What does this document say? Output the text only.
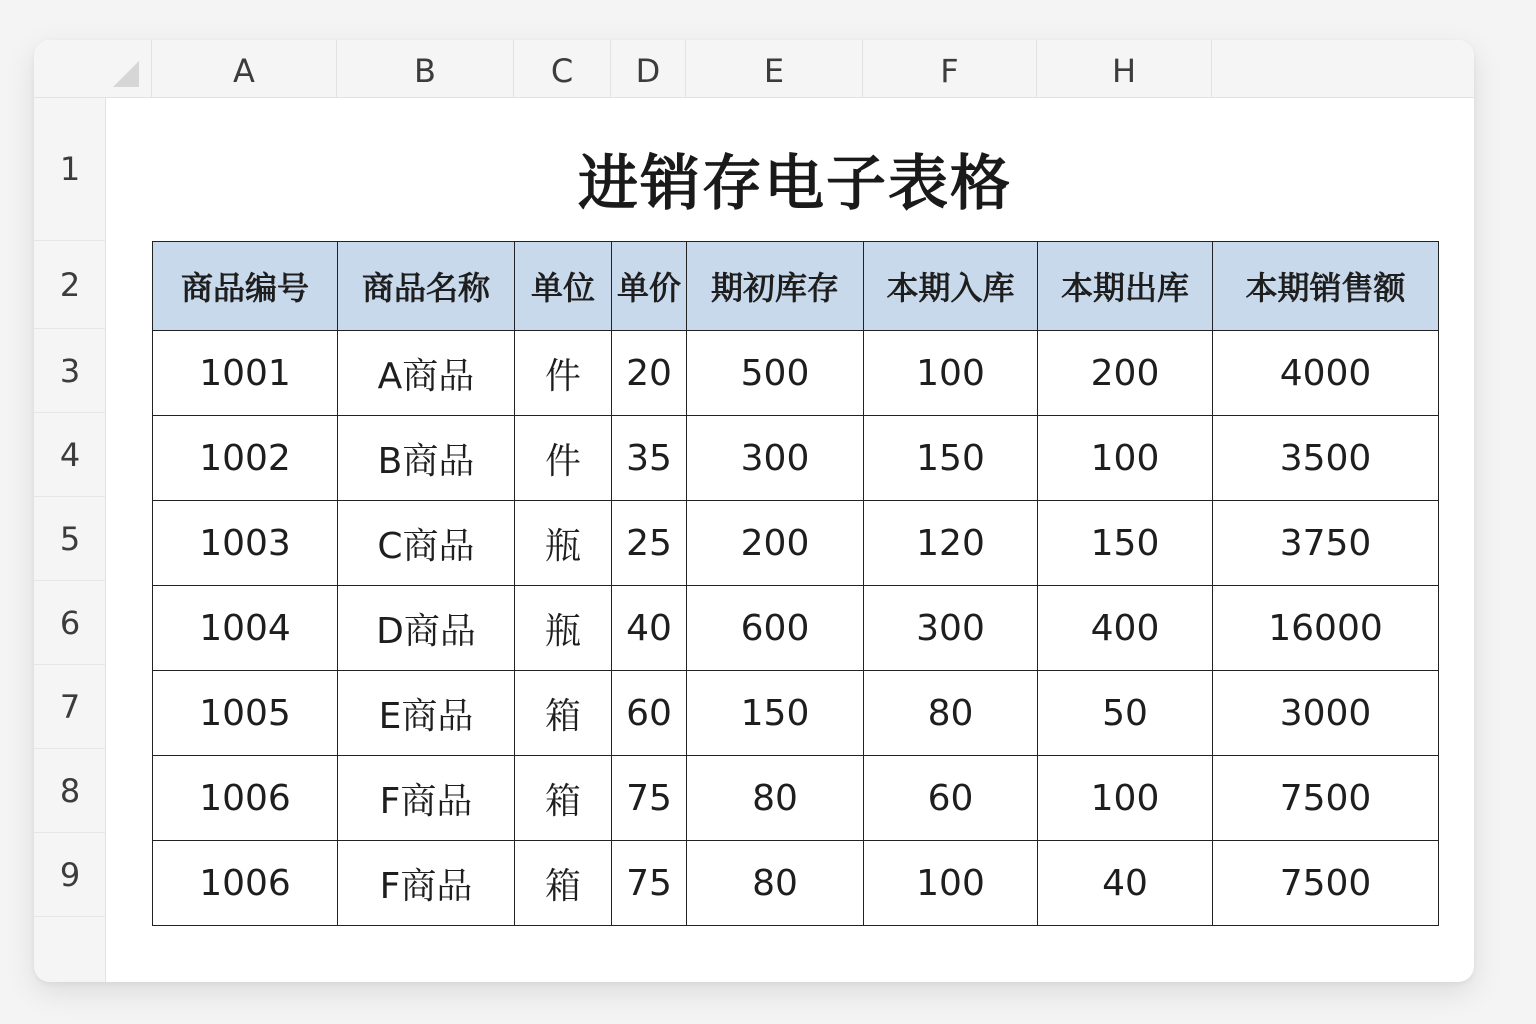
A	B	C	D	E	F	H
1
2
3
4
5
6
7
8
9
进销存电子表格
商品编号	商品名称	单位	单价	期初库存	本期入库	本期出库	本期销售额
1001	A商品	件	20	500	100	200	4000
1002	B商品	件	35	300	150	100	3500
1003	C商品	瓶	25	200	120	150	3750
1004	D商品	瓶	40	600	300	400	16000
1005	E商品	箱	60	150	80	50	3000
1006	F商品	箱	75	80	60	100	7500
1006	F商品	箱	75	80	100	40	7500
